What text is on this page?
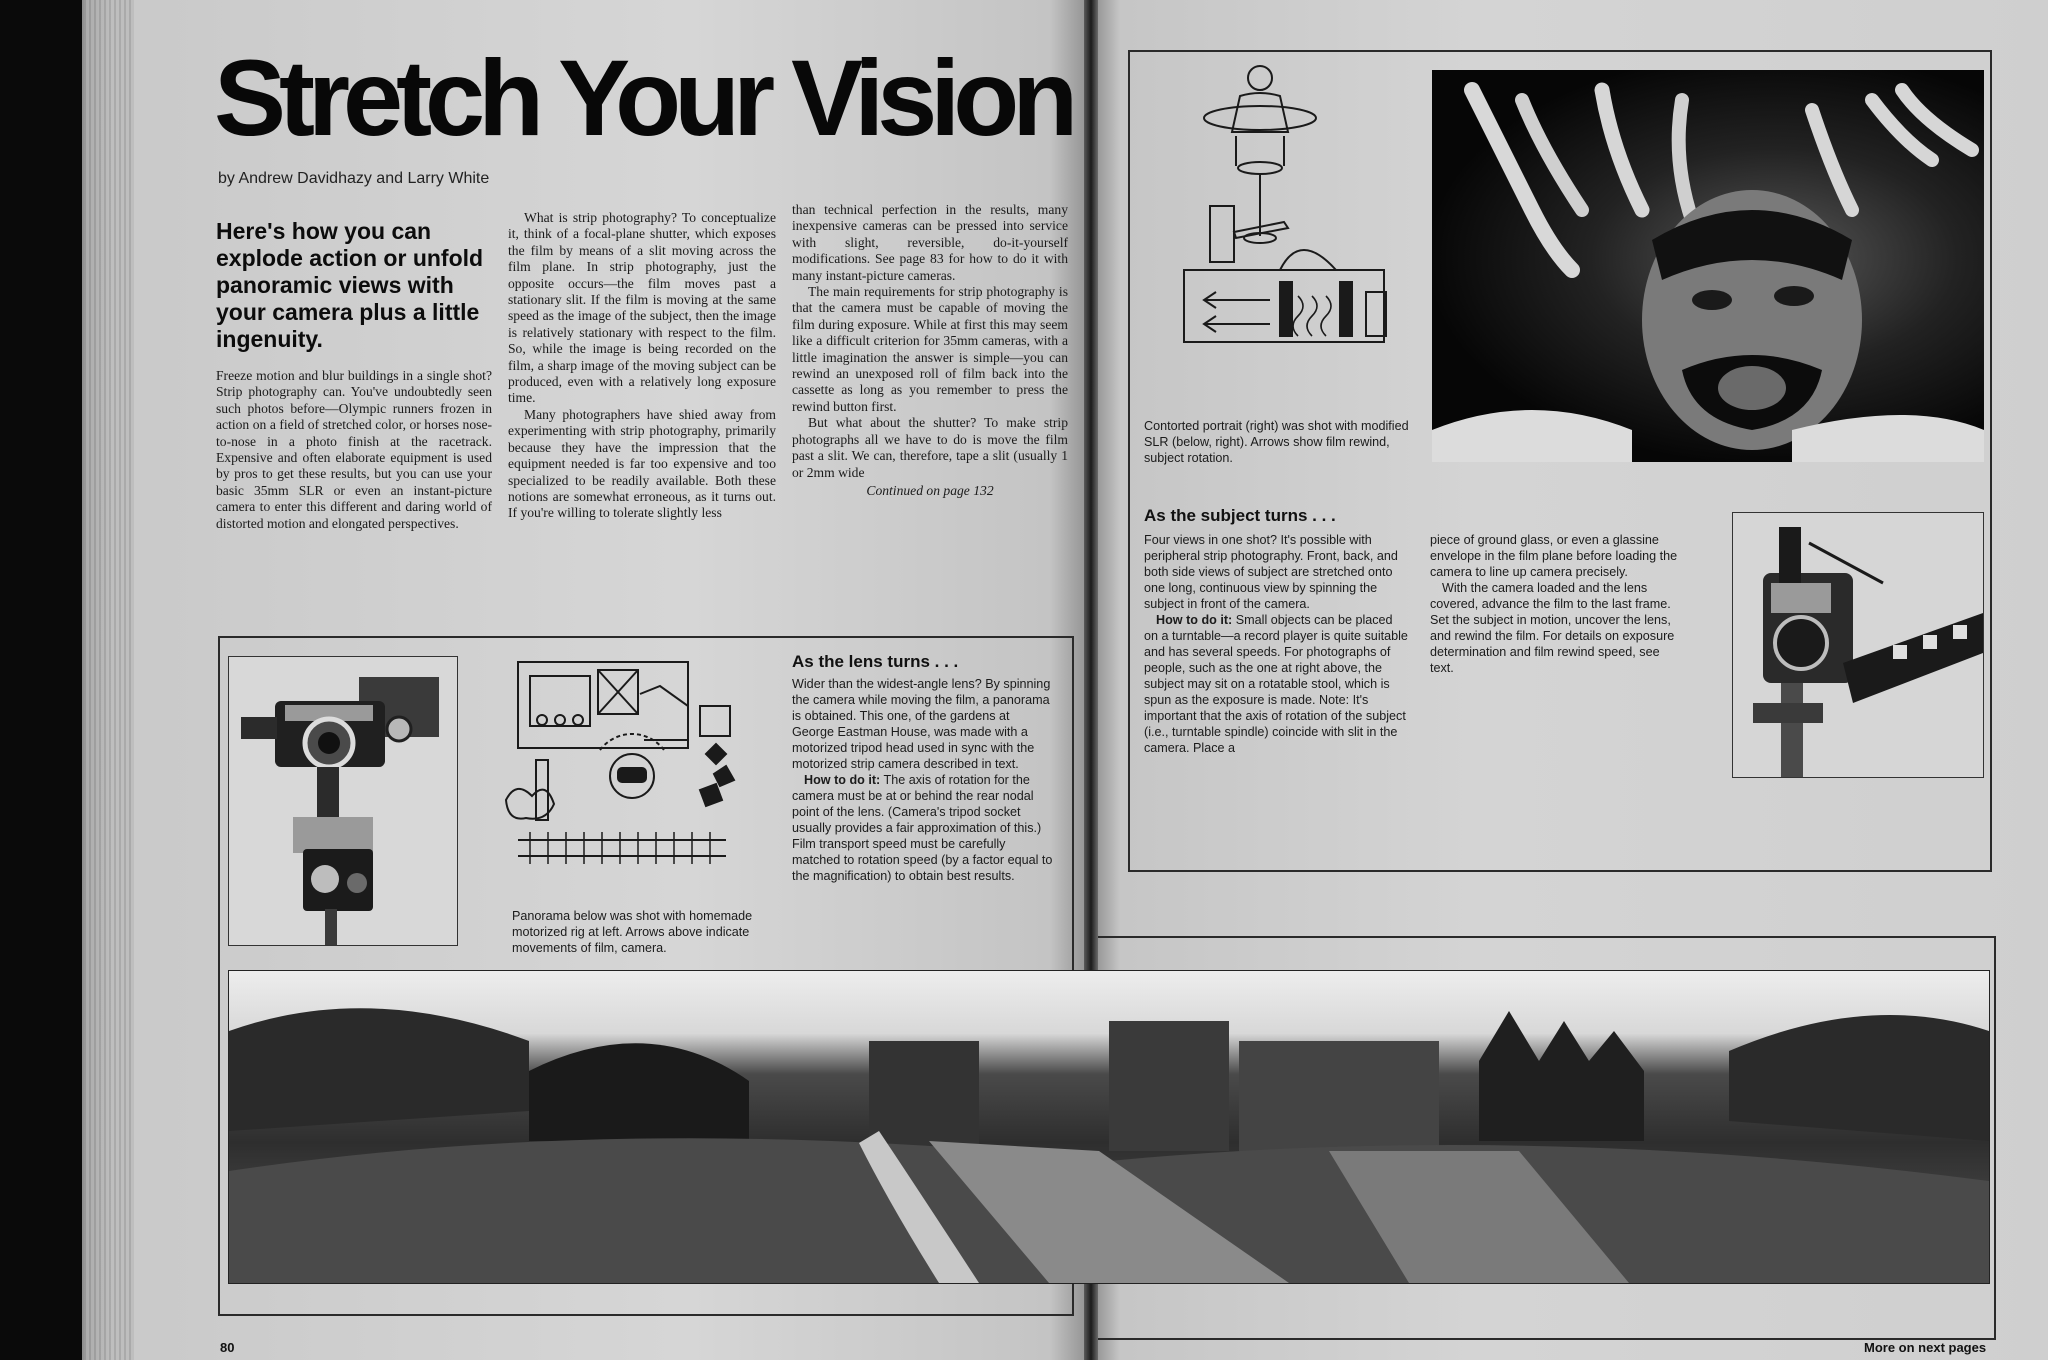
Stretch Your Vision
by Andrew Davidhazy and Larry White
Here's how you can explode action or unfold panoramic views with your camera plus a little ingenuity.

Freeze motion and blur buildings in a single shot? Strip photography can. You've undoubtedly seen such photos before—Olympic runners frozen in action on a field of stretched color, or horses nose-to-nose in a photo finish at the racetrack. Expensive and often elaborate equipment is used by pros to get these results, but you can use your basic 35mm SLR or even an instant-picture camera to enter this different and daring world of distorted motion and elongated perspectives.

What is strip photography? To conceptualize it, think of a focal-plane shutter, which exposes the film by means of a slit moving across the film plane. In strip photography, just the opposite occurs—the film moves past a stationary slit. If the film is moving at the same speed as the image of the subject, then the image is relatively stationary with respect to the film. So, while the image is being recorded on the film, a sharp image of the moving subject can be produced, even with a relatively long exposure time.

Many photographers have shied away from experimenting with strip photography, primarily because they have the impression that the equipment needed is far too expensive and too specialized to be readily available. Both these notions are somewhat erroneous, as it turns out. If you're willing to tolerate slightly less

than technical perfection in the results, many inexpensive cameras can be pressed into service with slight, reversible, do-it-yourself modifications. See page 83 for how to do it with many instant-picture cameras.

The main requirements for strip photography is that the camera must be capable of moving the film during exposure. While at first this may seem like a difficult criterion for 35mm cameras, with a little imagination the answer is simple—you can rewind an unexposed roll of film back into the cassette as long as you remember to press the rewind button first.

But what about the shutter? To make strip photographs all we have to do is move the film past a slit. We can, therefore, tape a slit (usually 1 or 2mm wide

Continued on page 132
Panorama below was shot with homemade motorized rig at left. Arrows above indicate movements of film, camera.
As the lens turns . . .

Wider than the widest-angle lens? By spinning the camera while moving the film, a panorama is obtained. This one, of the gardens at George Eastman House, was made with a motorized tripod head used in sync with the motorized strip camera described in text.

How to do it: The axis of rotation for the camera must be at or behind the rear nodal point of the lens. (Camera's tripod socket usually provides a fair approximation of this.) Film transport speed must be carefully matched to rotation speed (by a factor equal to the magnification) to obtain best results.

Contorted portrait (right) was shot with modified SLR (below, right). Arrows show film rewind, subject rotation.
As the subject turns . . .

Four views in one shot? It's possible with peripheral strip photography. Front, back, and both side views of subject are stretched onto one long, continuous view by spinning the subject in front of the camera.

How to do it: Small objects can be placed on a turntable—a record player is quite suitable and has several speeds. For photographs of people, such as the one at right above, the subject may sit on a rotatable stool, which is spun as the exposure is made. Note: It's important that the axis of rotation of the subject (i.e., turntable spindle) coincide with slit in the camera. Place a

piece of ground glass, or even a glassine envelope in the film plane before loading the camera to line up camera precisely.

With the camera loaded and the lens covered, advance the film to the last frame. Set the subject in motion, uncover the lens, and rewind the film. For details on exposure determination and film rewind speed, see text.

80	More on next pages
